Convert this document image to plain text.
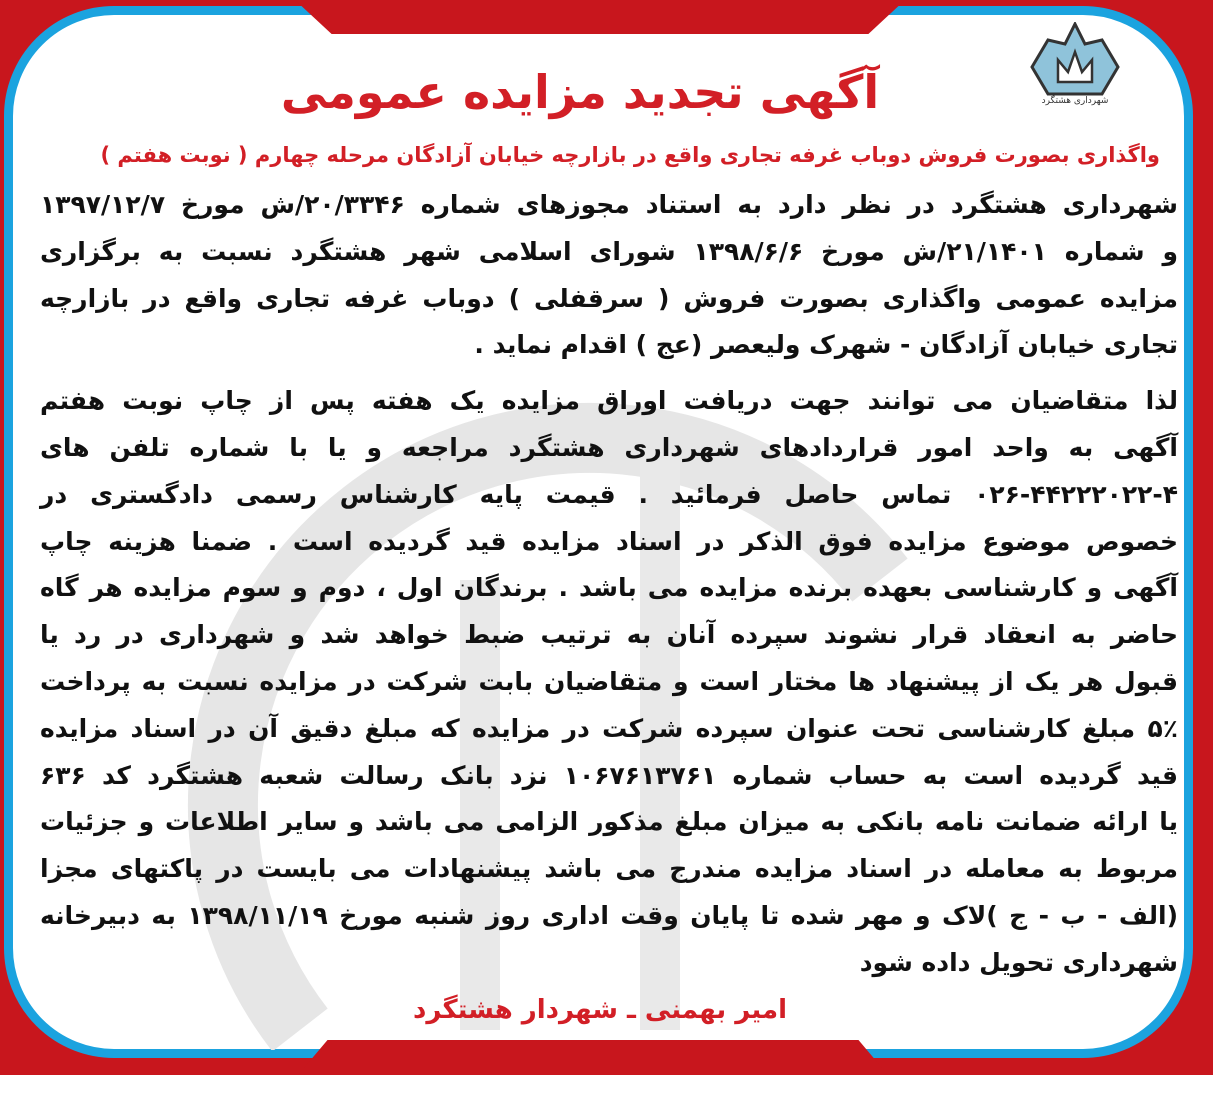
شهرداری هشتگرد
آگهی تجدید مزایده عمومی
واگذاری بصورت فروش دوباب غرفه تجاری واقع در بازارچه خیابان آزادگان مرحله چهارم ( نوبت هفتم )
شهرداری هشتگرد در نظر دارد به استناد مجوزهای شماره ۲۰/۳۳۴۶/ش مورخ ۱۳۹۷/۱۲/۷
و شماره ۲۱/۱۴۰۱/ش مورخ ۱۳۹۸/۶/۶ شورای اسلامی شهر هشتگرد نسبت به برگزاری
مزایده عمومی واگذاری بصورت فروش ( سرقفلی ) دوباب غرفه تجاری واقع در بازارچه
تجاری خیابان آزادگان - شهرک ولیعصر (عج ) اقدام نماید .
لذا متقاضیان می توانند جهت دریافت اوراق مزایده یک هفته پس از چاپ نوبت هفتم
آگهی به واحد امور قراردادهای شهرداری هشتگرد مراجعه و یا با شماره تلفن های
۰۲۶-۴۴۲۲۲۰۲۲-۴ تماس حاصل فرمائید . قیمت پایه کارشناس رسمی دادگستری در
خصوص موضوع مزایده فوق الذکر در اسناد مزایده قید گردیده است . ضمنا هزینه چاپ
آگهی و کارشناسی بعهده برنده مزایده می باشد . برندگان اول ، دوم و سوم مزایده هر گاه
حاضر به انعقاد قرار نشوند سپرده آنان به ترتیب ضبط خواهد شد و شهرداری در رد یا
قبول هر یک از پیشنهاد ها مختار است و متقاضیان بابت شرکت در مزایده نسبت به پرداخت
۵٪ مبلغ کارشناسی تحت عنوان سپرده شرکت در مزایده که مبلغ دقیق آن در اسناد مزایده
قید گردیده است به حساب شماره ۱۰۶۷۶۱۳۷۶۱ نزد بانک رسالت شعبه هشتگرد کد ۶۳۶
یا ارائه ضمانت نامه بانکی به میزان مبلغ مذکور الزامی می باشد و سایر اطلاعات و جزئیات
مربوط به معامله در اسناد مزایده مندرج می باشد پیشنهادات می بایست در پاکتهای مجزا
(الف - ب - ج )لاک و مهر شده تا پایان وقت اداری روز شنبه مورخ ۱۳۹۸/۱۱/۱۹ به دبیرخانه
شهرداری تحویل داده شود
امیر بهمنی ـ شهردار هشتگرد
